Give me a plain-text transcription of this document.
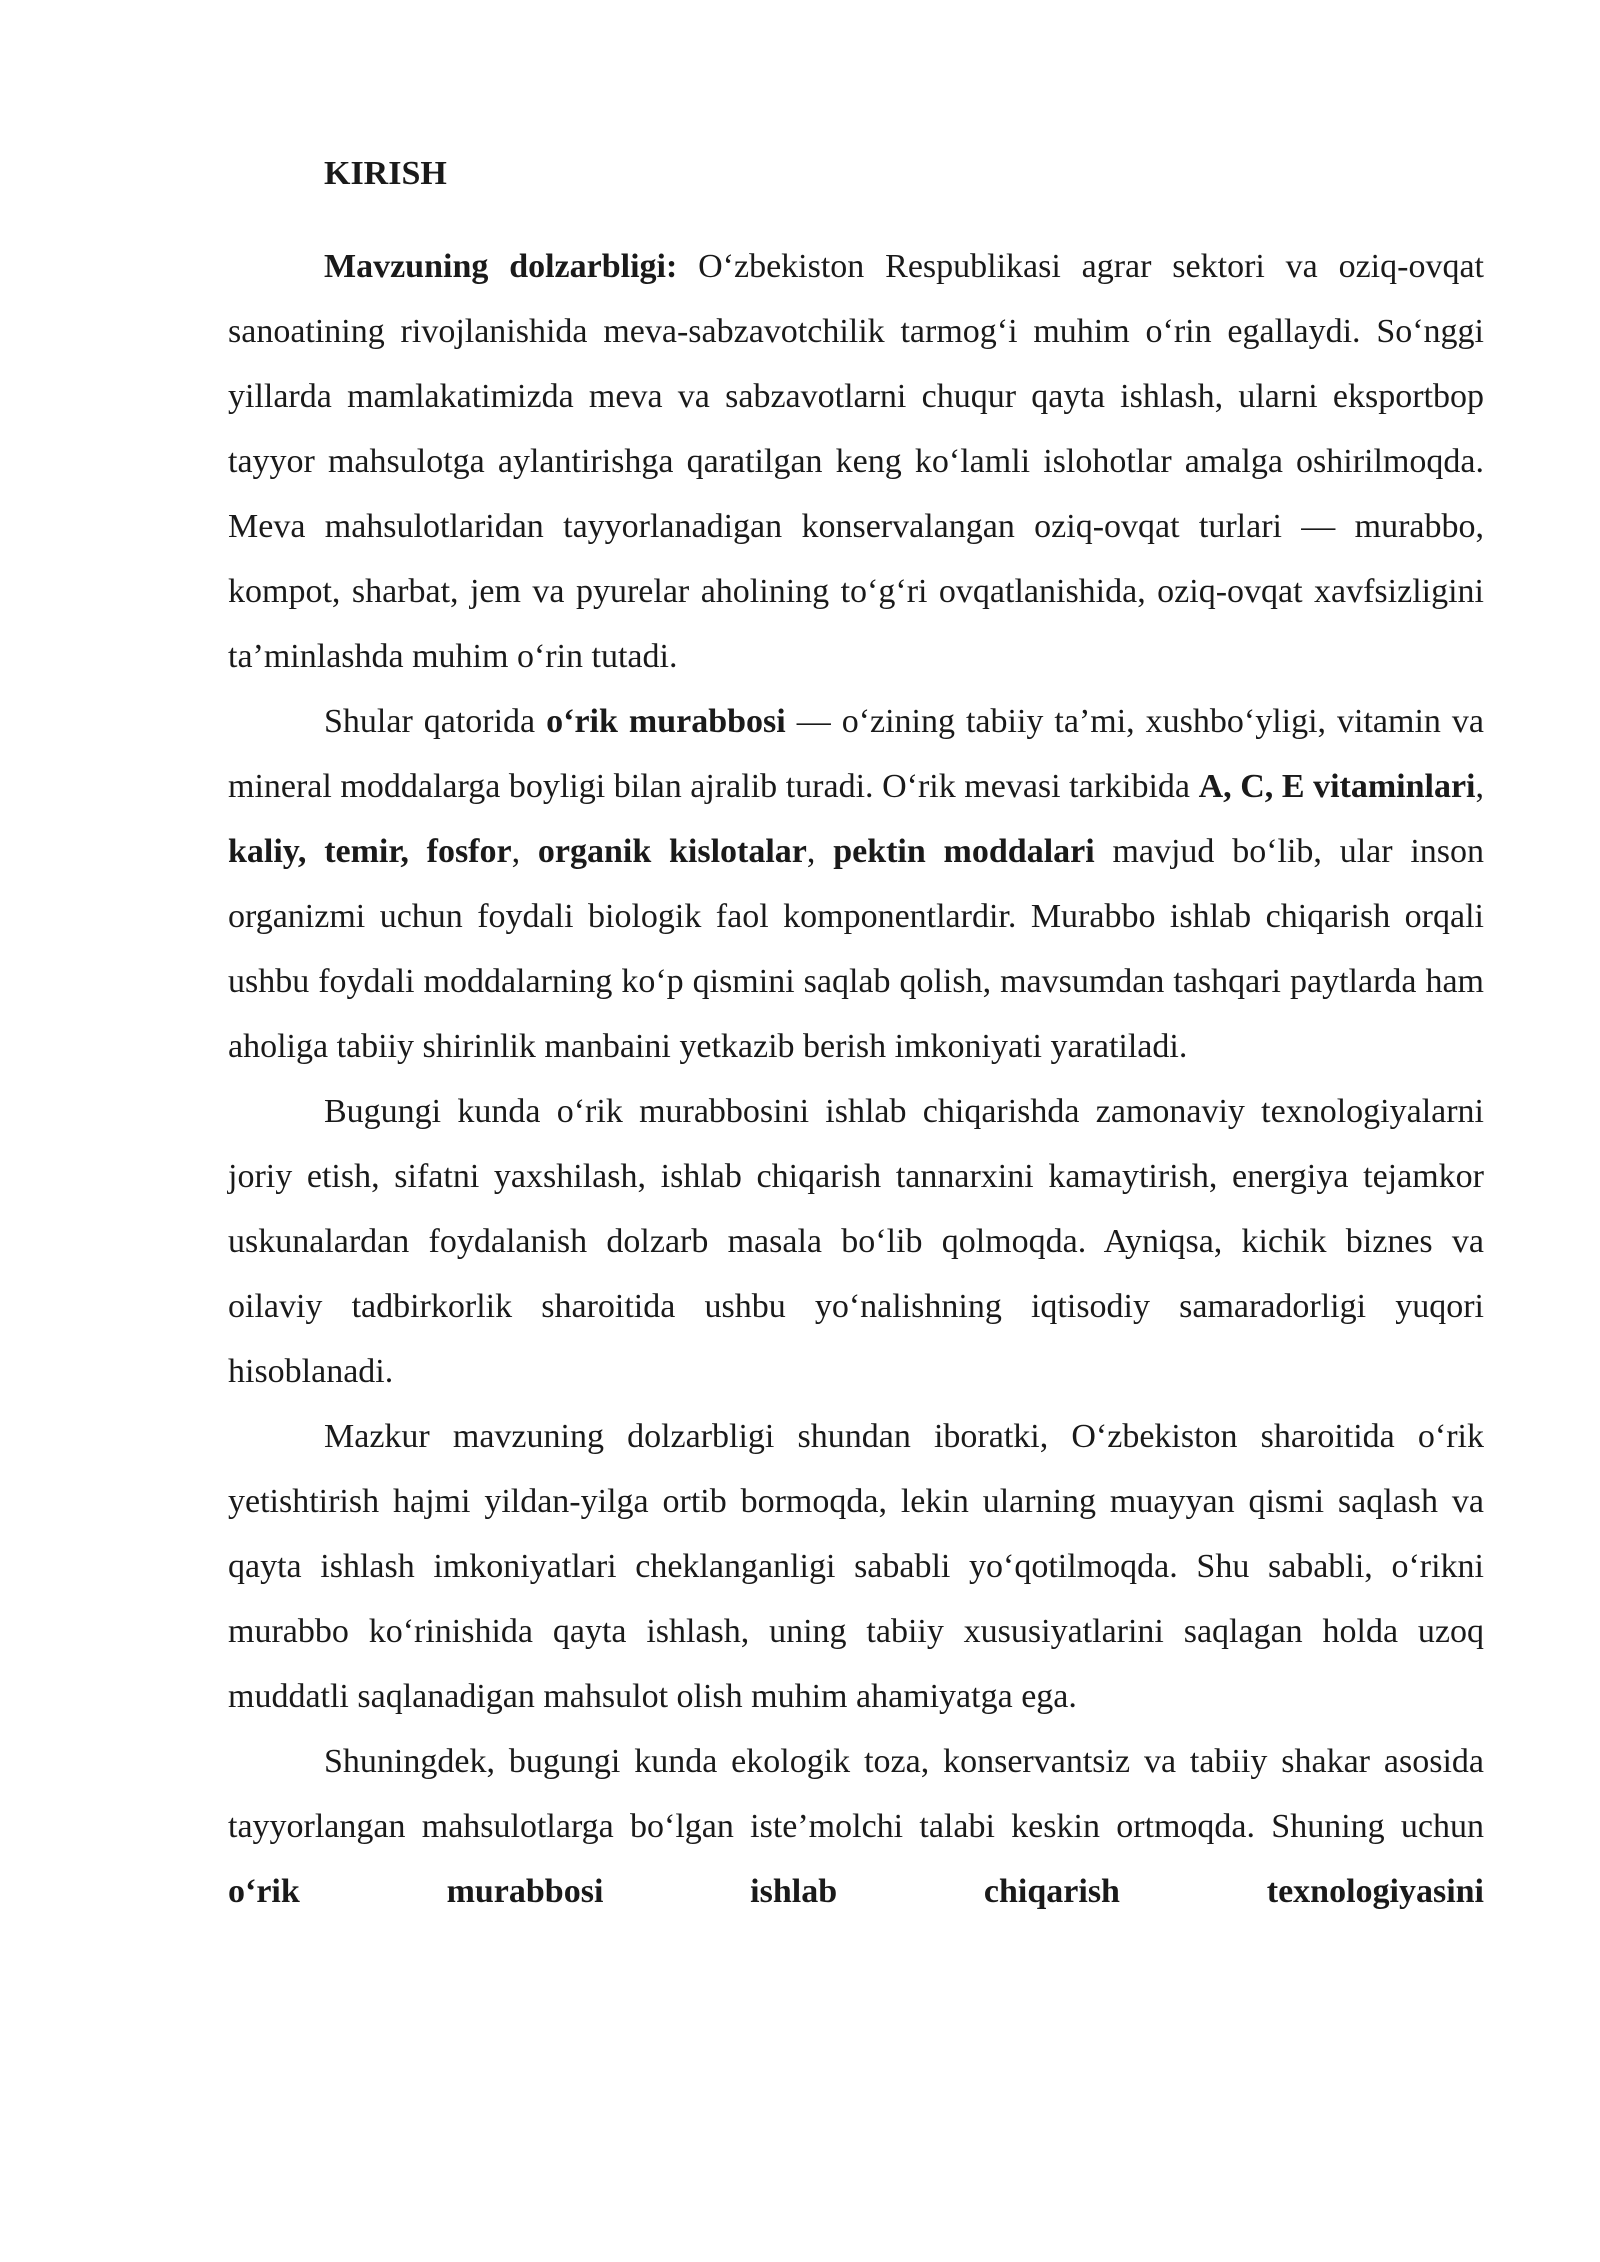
KIRISH

Mavzuning dolzarbligi: O‘zbekiston Respublikasi agrar sektori va oziq-ovqat sanoatining rivojlanishida meva-sabzavotchilik tarmog‘i muhim o‘rin egallaydi. So‘nggi yillarda mamlakatimizda meva va sabzavotlarni chuqur qayta ishlash, ularni eksportbop tayyor mahsulotga aylantirishga qaratilgan keng ko‘lamli islohotlar amalga oshirilmoqda. Meva mahsulotlaridan tayyorlanadigan konservalangan oziq-ovqat turlari — murabbo, kompot, sharbat, jem va pyurelar aholining to‘g‘ri ovqatlanishida, oziq-ovqat xavfsizligini ta’minlashda muhim o‘rin tutadi.

Shular qatorida o‘rik murabbosi — o‘zining tabiiy ta’mi, xushbo‘yligi, vitamin va mineral moddalarga boyligi bilan ajralib turadi. O‘rik mevasi tarkibida A, C, E vitaminlari, kaliy, temir, fosfor, organik kislotalar, pektin moddalari mavjud bo‘lib, ular inson organizmi uchun foydali biologik faol komponentlardir. Murabbo ishlab chiqarish orqali ushbu foydali moddalarning ko‘p qismini saqlab qolish, mavsumdan tashqari paytlarda ham aholiga tabiiy shirinlik manbaini yetkazib berish imkoniyati yaratiladi.

Bugungi kunda o‘rik murabbosini ishlab chiqarishda zamonaviy texnologiyalarni joriy etish, sifatni yaxshilash, ishlab chiqarish tannarxini kamaytirish, energiya tejamkor uskunalardan foydalanish dolzarb masala bo‘lib qolmoqda. Ayniqsa, kichik biznes va oilaviy tadbirkorlik sharoitida ushbu yo‘nalishning iqtisodiy samaradorligi yuqori hisoblanadi.

Mazkur mavzuning dolzarbligi shundan iboratki, O‘zbekiston sharoitida o‘rik yetishtirish hajmi yildan-yilga ortib bormoqda, lekin ularning muayyan qismi saqlash va qayta ishlash imkoniyatlari cheklanganligi sababli yo‘qotilmoqda. Shu sababli, o‘rikni murabbo ko‘rinishida qayta ishlash, uning tabiiy xususiyatlarini saqlagan holda uzoq muddatli saqlanadigan mahsulot olish muhim ahamiyatga ega.

Shuningdek, bugungi kunda ekologik toza, konservantsiz va tabiiy shakar asosida tayyorlangan mahsulotlarga bo‘lgan iste’molchi talabi keskin ortmoqda. Shuning uchun o‘rik murabbosi ishlab chiqarish texnologiyasini
